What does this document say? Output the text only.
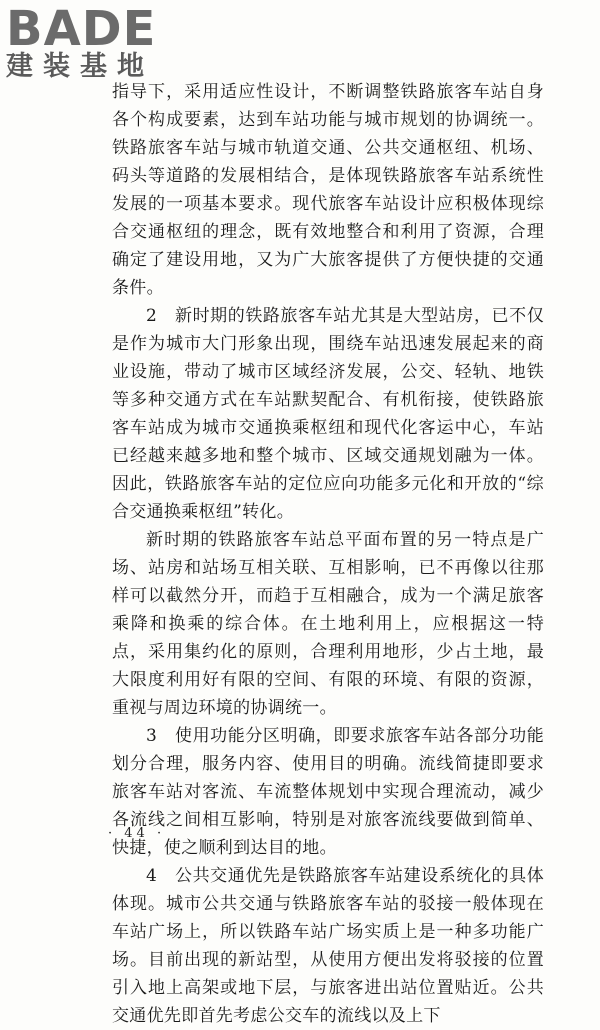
BADE
建装基地

指导下，采用适应性设计，不断调整铁路旅客车站自身各个构成要素，达到车站功能与城市规划的协调统一。铁路旅客车站与城市轨道交通、公共交通枢纽、机场、码头等道路的发展相结合，是体现铁路旅客车站系统性发展的一项基本要求。现代旅客车站设计应积极体现综合交通枢纽的理念，既有效地整合和利用了资源，合理确定了建设用地，又为广大旅客提供了方便快捷的交通条件。

2　新时期的铁路旅客车站尤其是大型站房，已不仅是作为城市大门形象出现，围绕车站迅速发展起来的商业设施，带动了城市区域经济发展，公交、轻轨、地铁等多种交通方式在车站默契配合、有机衔接，使铁路旅客车站成为城市交通换乘枢纽和现代化客运中心，车站已经越来越多地和整个城市、区域交通规划融为一体。因此，铁路旅客车站的定位应向功能多元化和开放的“综合交通换乘枢纽”转化。

新时期的铁路旅客车站总平面布置的另一特点是广场、站房和站场互相关联、互相影响，已不再像以往那样可以截然分开，而趋于互相融合，成为一个满足旅客乘降和换乘的综合体。在土地利用上，应根据这一特点，采用集约化的原则，合理利用地形，少占土地，最大限度利用好有限的空间、有限的环境、有限的资源，重视与周边环境的协调统一。

3　使用功能分区明确，即要求旅客车站各部分功能划分合理，服务内容、使用目的明确。流线简捷即要求旅客车站对客流、车流整体规划中实现合理流动，减少各流线之间相互影响，特别是对旅客流线要做到简单、快捷，使之顺利到达目的地。

4　公共交通优先是铁路旅客车站建设系统化的具体体现。城市公共交通与铁路旅客车站的驳接一般体现在车站广场上，所以铁路车站广场实质上是一种多功能广场。目前出现的新站型，从使用方便出发将驳接的位置引入地上高架或地下层，与旅客进出站位置贴近。公共交通优先即首先考虑公交车的流线以及上下

· 44 ·
